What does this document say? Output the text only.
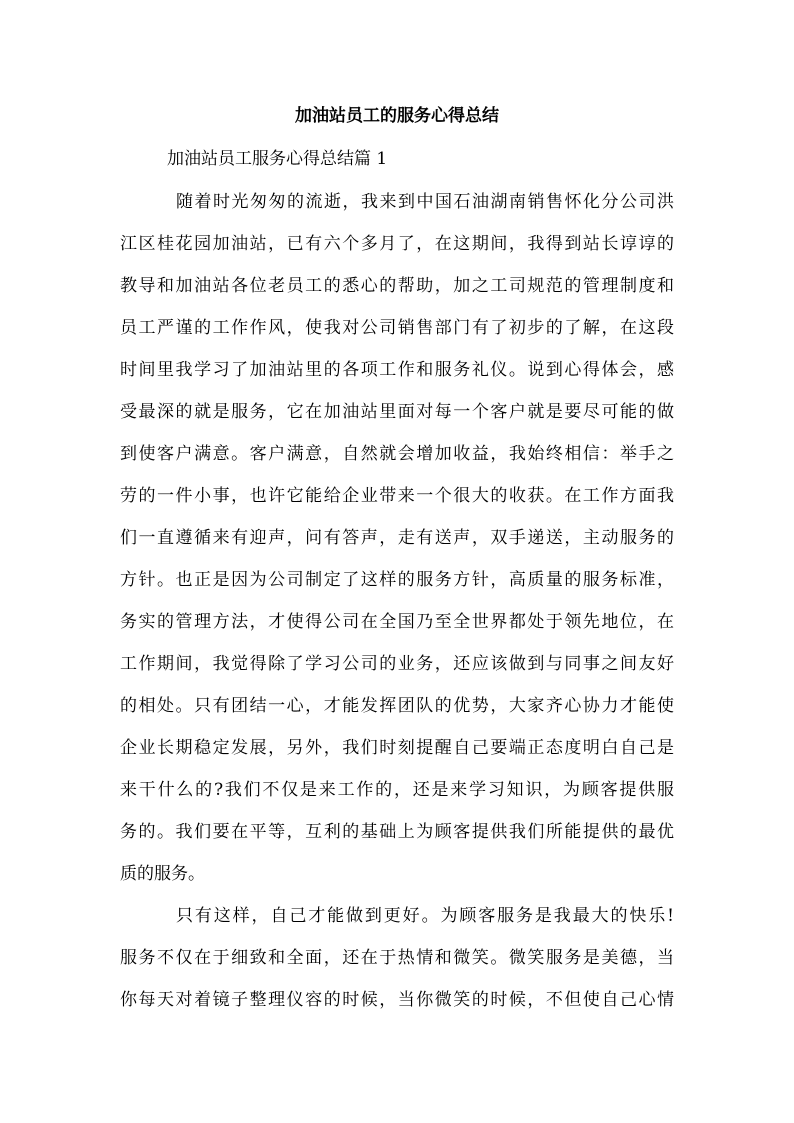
加油站员工的服务心得总结
加油站员工服务心得总结篇 1
随着时光匆匆的流逝，我来到中国石油湖南销售怀化分公司洪
江区桂花园加油站，已有六个多月了，在这期间，我得到站长谆谆的
教导和加油站各位老员工的悉心的帮助，加之工司规范的管理制度和
员工严谨的工作作风，使我对公司销售部门有了初步的了解，在这段
时间里我学习了加油站里的各项工作和服务礼仪。说到心得体会，感
受最深的就是服务，它在加油站里面对每一个客户就是要尽可能的做
到使客户满意。客户满意，自然就会增加收益，我始终相信：举手之
劳的一件小事，也许它能给企业带来一个很大的收获。在工作方面我
们一直遵循来有迎声，问有答声，走有送声，双手递送，主动服务的
方针。也正是因为公司制定了这样的服务方针，高质量的服务标准，
务实的管理方法，才使得公司在全国乃至全世界都处于领先地位，在
工作期间，我觉得除了学习公司的业务，还应该做到与同事之间友好
的相处。只有团结一心，才能发挥团队的优势，大家齐心协力才能使
企业长期稳定发展，另外，我们时刻提醒自己要端正态度明白自己是
来干什么的?我们不仅是来工作的，还是来学习知识，为顾客提供服
务的。我们要在平等，互利的基础上为顾客提供我们所能提供的最优
质的服务。
只有这样，自己才能做到更好。为顾客服务是我最大的快乐!
服务不仅在于细致和全面，还在于热情和微笑。微笑服务是美德，当
你每天对着镜子整理仪容的时候，当你微笑的时候，不但使自己心情
